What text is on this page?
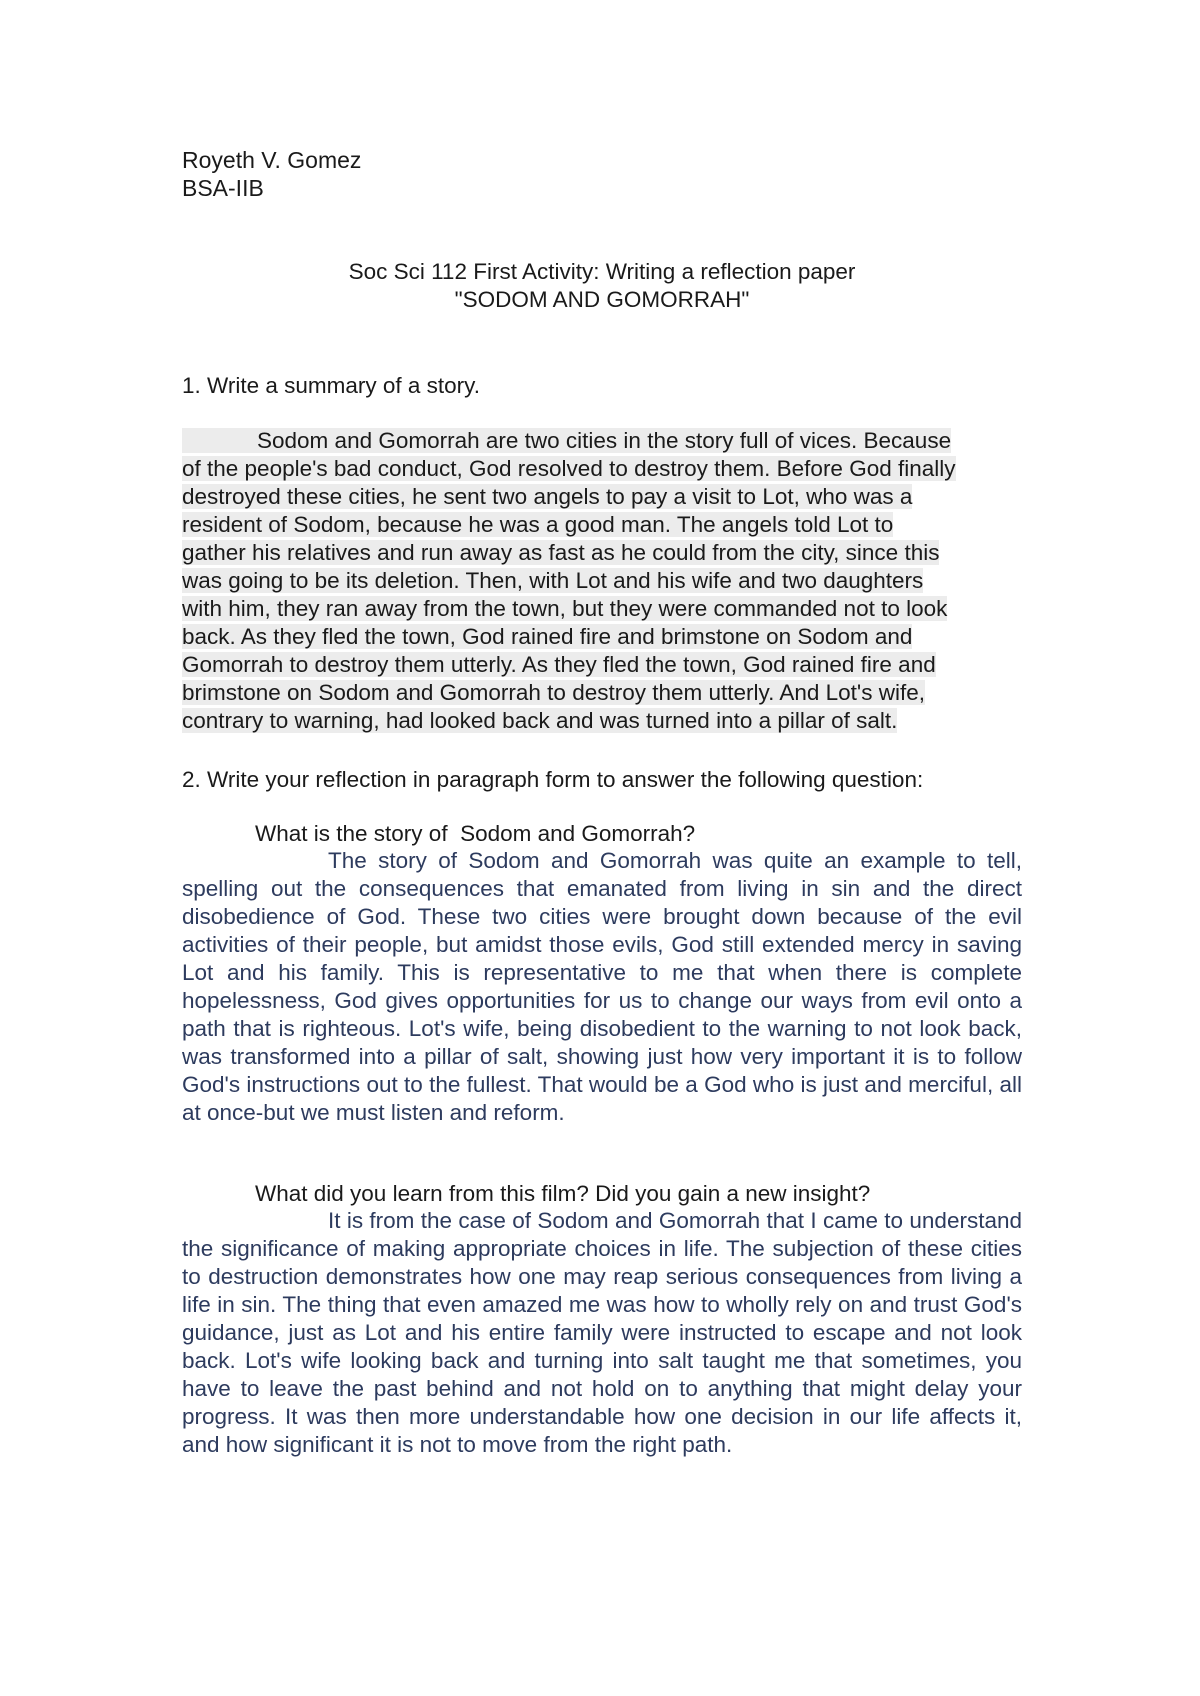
Royeth V. Gomez
BSA-IIB
Soc Sci 112 First Activity: Writing a reflection paper
"SODOM AND GOMORRAH"
1. Write a summary of a story.
Sodom and Gomorrah are two cities in the story full of vices. Because
of the people's bad conduct, God resolved to destroy them. Before God finally
destroyed these cities, he sent two angels to pay a visit to Lot, who was a
resident of Sodom, because he was a good man. The angels told Lot to
gather his relatives and run away as fast as he could from the city, since this
was going to be its deletion. Then, with Lot and his wife and two daughters
with him, they ran away from the town, but they were commanded not to look
back. As they fled the town, God rained fire and brimstone on Sodom and
Gomorrah to destroy them utterly. As they fled the town, God rained fire and
brimstone on Sodom and Gomorrah to destroy them utterly. And Lot's wife,
contrary to warning, had looked back and was turned into a pillar of salt.
2. Write your reflection in paragraph form to answer the following question:
What is the story of  Sodom and Gomorrah?
The story of Sodom and Gomorrah was quite an example to tell, spelling out the consequences that emanated from living in sin and the direct disobedience of God. These two cities were brought down because of the evil activities of their people, but amidst those evils, God still extended mercy in saving Lot and his family. This is representative to me that when there is complete hopelessness, God gives opportunities for us to change our ways from evil onto a path that is righteous. Lot's wife, being disobedient to the warning to not look back, was transformed into a pillar of salt, showing just how very important it is to follow God's instructions out to the fullest. That would be a God who is just and merciful, all at once-but we must listen and reform.
What did you learn from this film? Did you gain a new insight?
It is from the case of Sodom and Gomorrah that I came to understand the significance of making appropriate choices in life. The subjection of these cities to destruction demonstrates how one may reap serious consequences from living a life in sin. The thing that even amazed me was how to wholly rely on and trust God's guidance, just as Lot and his entire family were instructed to escape and not look back. Lot's wife looking back and turning into salt taught me that sometimes, you have to leave the past behind and not hold on to anything that might delay your progress. It was then more understandable how one decision in our life affects it, and how significant it is not to move from the right path.
